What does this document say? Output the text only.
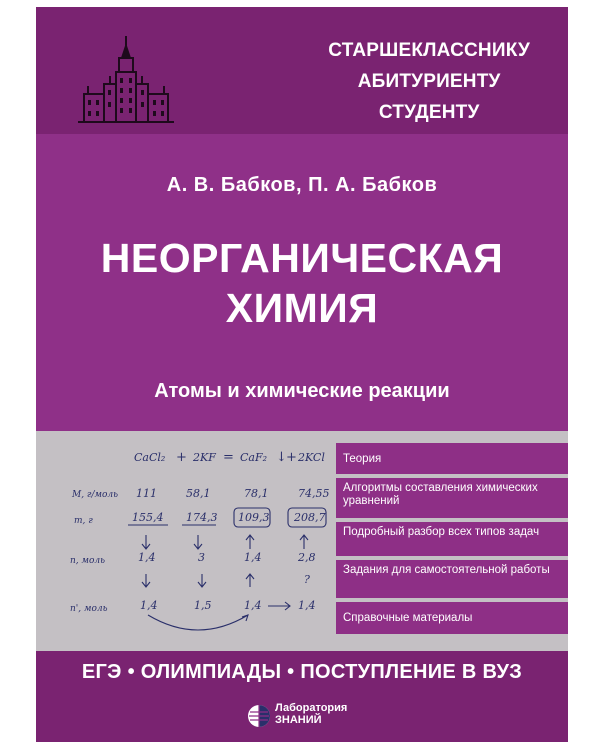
СТАРШЕКЛАССНИКУ
АБИТУРИЕНТУ
СТУДЕНТУ
А. В. Бабков, П. А. Бабков
НЕОРГАНИЧЕСКАЯ
ХИМИЯ
Атомы и химические реакции
CaCl₂ + 2KF = CaF₂ ↓ + 2KCl
M, г/моль 111	58,1	78,1	74,55
m, г	155,4 174,3 109,3 208,7
n, моль	1,4	3	1,4	2,8
?
n', моль	1,4	1,5	1,4	1,4
Теория
Алгоритмы составления химических уравнений
Подробный разбор всех типов задач
Задания для самостоятельной работы
Справочные материалы
ЕГЭ • ОЛИМПИАДЫ • ПОСТУПЛЕНИЕ В ВУЗ
Лаборатория
ЗНАНИЙ
